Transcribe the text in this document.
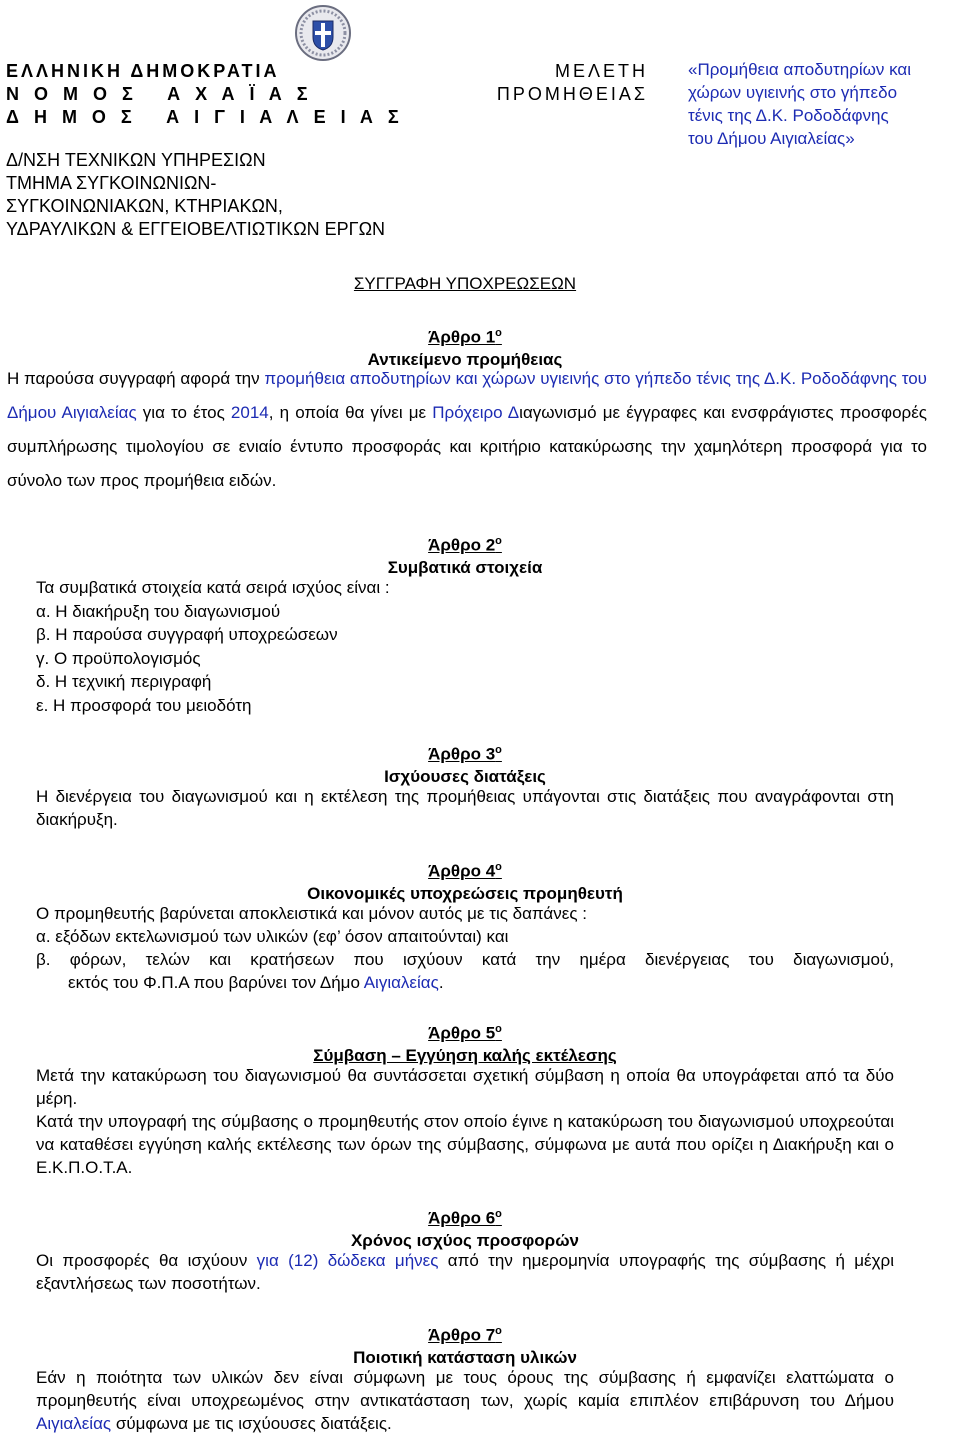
ΕΛΛΗΝΙΚΗ ΔΗΜΟΚΡΑΤΙΑ
Ν Ο Μ Ο Σ   Α Χ Α Ϊ Α Σ
Δ Η Μ Ο Σ   Α Ι Γ Ι Α Λ Ε Ι Α Σ
Δ/ΝΣΗ ΤΕΧΝΙΚΩΝ ΥΠΗΡΕΣΙΩΝ
ΤΜΗΜΑ ΣΥΓΚΟΙΝΩΝΙΩΝ-
ΣΥΓΚΟΙΝΩΝΙΑΚΩΝ, ΚΤΗΡΙΑΚΩΝ,
ΥΔΡΑΥΛΙΚΩΝ & ΕΓΓΕΙΟΒΕΛΤΙΩΤΙΚΩΝ ΕΡΓΩΝ
ΜΕΛΕΤΗ
ΠΡΟΜΗΘΕΙΑΣ
«Προμήθεια αποδυτηρίων και
χώρων υγιεινής στο γήπεδο
τένις της Δ.Κ. Ροδοδάφνης
του Δήμου Αιγιαλείας»
ΣΥΓΓΡΑΦΗ ΥΠΟΧΡΕΩΣΕΩΝ
Άρθρο $1^o$
Αντικείμενο προμήθειας
Η παρούσα συγγραφή αφορά την προμήθεια αποδυτηρίων και χώρων υγιεινής στο γήπεδο τένις της Δ.Κ. Ροδοδάφνης του Δήμου Αιγιαλείας για το έτος 2014, η οποία θα γίνει με Πρόχειρο Διαγωνισμό με έγγραφες και ενσφράγιστες προσφορές συμπλήρωσης τιμολογίου σε ενιαίο έντυπο προσφοράς και κριτήριο κατακύρωσης την χαμηλότερη προσφορά για το σύνολο των προς προμήθεια ειδών.
Άρθρο $2^o$
Συμβατικά στοιχεία
Τα συμβατικά στοιχεία κατά σειρά ισχύος είναι :
α. Η διακήρυξη του διαγωνισμού
β. Η παρούσα συγγραφή υποχρεώσεων
γ. Ο προϋπολογισμός
δ. Η τεχνική περιγραφή
ε. Η προσφορά του μειοδότη
Άρθρο $3^o$
Ισχύουσες διατάξεις
Η διενέργεια του διαγωνισμού και η εκτέλεση της προμήθειας υπάγονται στις διατάξεις που αναγράφονται στη διακήρυξη.
Άρθρο $4^o$
Οικονομικές υποχρεώσεις προμηθευτή
Ο προμηθευτής βαρύνεται αποκλειστικά και μόνον αυτός με τις δαπάνες :
α. εξόδων εκτελωνισμού των υλικών (εφ’ όσον απαιτούνται) και
β. φόρων, τελών και κρατήσεων που ισχύουν κατά την ημέρα διενέργειας του διαγωνισμού,
εκτός του Φ.Π.Α που βαρύνει τον Δήμο Αιγιαλείας.
Άρθρο $5^o$
Σύμβαση – Εγγύηση καλής εκτέλεσης
Μετά την κατακύρωση του διαγωνισμού θα συντάσσεται σχετική σύμβαση η οποία θα υπογράφεται από τα δύο μέρη.
Κατά την υπογραφή της σύμβασης ο προμηθευτής στον οποίο έγινε η κατακύρωση του διαγωνισμού υποχρεούται να καταθέσει εγγύηση καλής εκτέλεσης των όρων της σύμβασης, σύμφωνα με αυτά που ορίζει η Διακήρυξη και ο Ε.Κ.Π.Ο.Τ.Α.
Άρθρο $6^o$
Χρόνος ισχύος προσφορών
Οι προσφορές θα ισχύουν για (12) δώδεκα μήνες από την ημερομηνία υπογραφής της σύμβασης ή μέχρι εξαντλήσεως των ποσοτήτων.
Άρθρο $7^o$
Ποιοτική κατάσταση υλικών
Εάν η ποιότητα των υλικών δεν είναι σύμφωνη με τους όρους της σύμβασης ή εμφανίζει ελαττώματα ο προμηθευτής είναι υποχρεωμένος στην αντικατάσταση των, χωρίς καμία επιπλέον επιβάρυνση του Δήμου Αιγιαλείας σύμφωνα με τις ισχύουσες διατάξεις.
